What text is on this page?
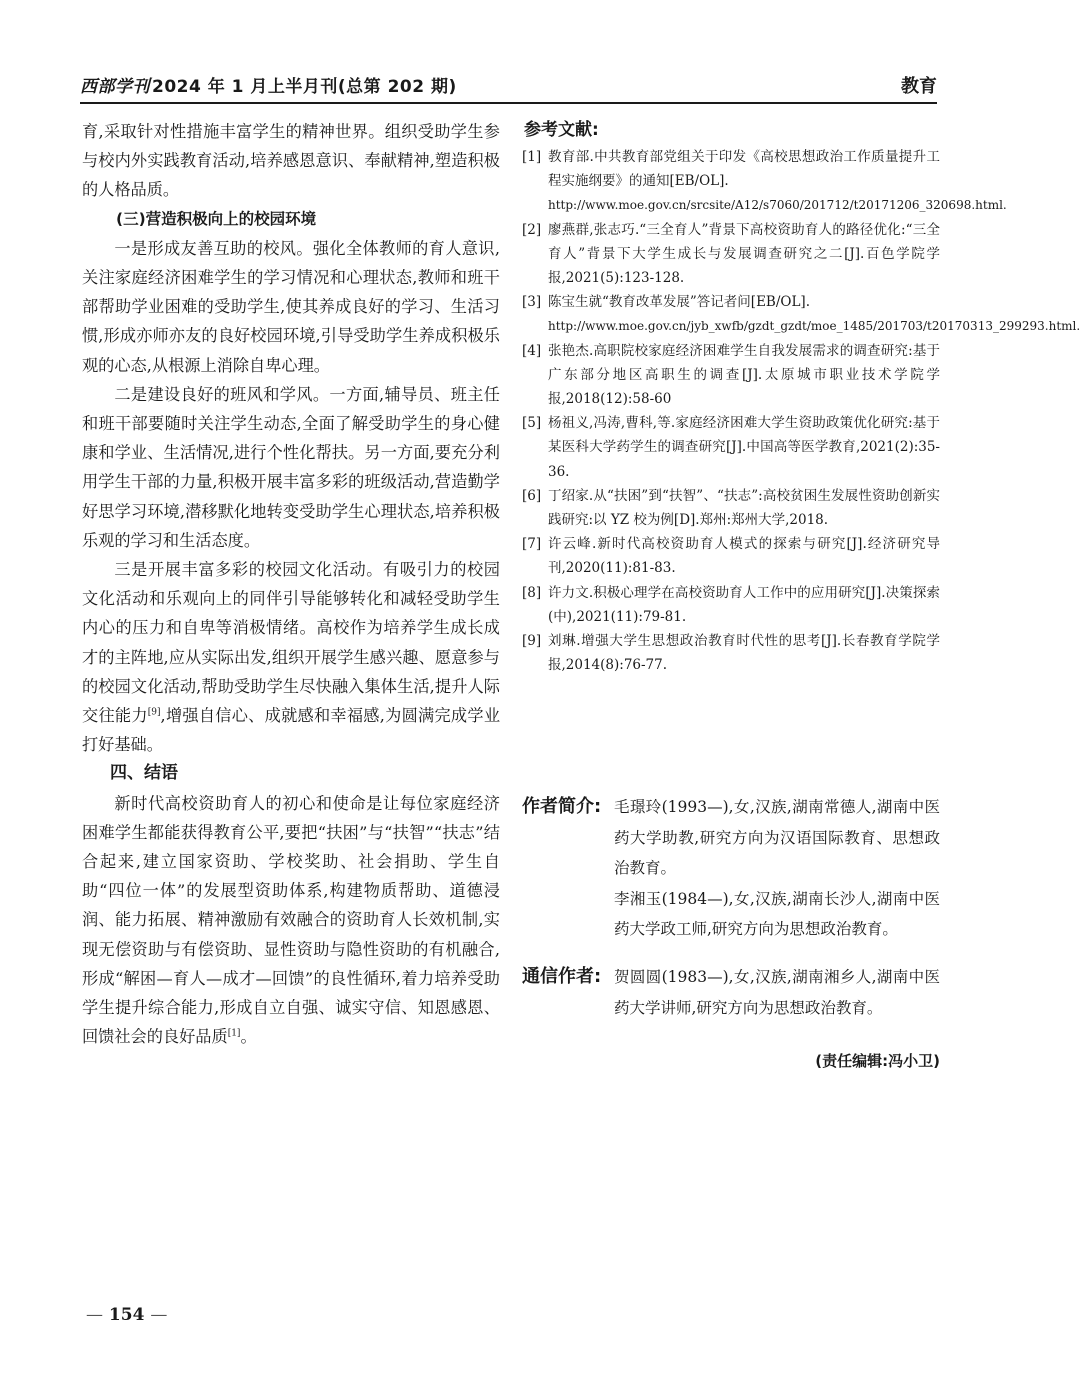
西部学刊 2024 年 1 月上半月刊(总第 202 期)	教育

育,采取针对性措施丰富学生的精神世界。组织受助学生参与校内外实践教育活动,培养感恩意识、奉献精神,塑造积极的人格品质。

(三)营造积极向上的校园环境

一是形成友善互助的校风。强化全体教师的育人意识,关注家庭经济困难学生的学习情况和心理状态,教师和班干部帮助学业困难的受助学生,使其养成良好的学习、生活习惯,形成亦师亦友的良好校园环境,引导受助学生养成积极乐观的心态,从根源上消除自卑心理。

二是建设良好的班风和学风。一方面,辅导员、班主任和班干部要随时关注学生动态,全面了解受助学生的身心健康和学业、生活情况,进行个性化帮扶。另一方面,要充分利用学生干部的力量,积极开展丰富多彩的班级活动,营造勤学好思学习环境,潜移默化地转变受助学生心理状态,培养积极乐观的学习和生活态度。

三是开展丰富多彩的校园文化活动。有吸引力的校园文化活动和乐观向上的同伴引导能够转化和减轻受助学生内心的压力和自卑等消极情绪。高校作为培养学生成长成才的主阵地,应从实际出发,组织开展学生感兴趣、愿意参与的校园文化活动,帮助受助学生尽快融入集体生活,提升人际交往能力[9],增强自信心、成就感和幸福感,为圆满完成学业打好基础。

四、结语

新时代高校资助育人的初心和使命是让每位家庭经济困难学生都能获得教育公平,要把“扶困”与“扶智”“扶志”结合起来,建立国家资助、学校奖助、社会捐助、学生自助“四位一体”的发展型资助体系,构建物质帮助、道德浸润、能力拓展、精神激励有效融合的资助育人长效机制,实现无偿资助与有偿资助、显性资助与隐性资助的有机融合,形成“解困—育人—成才—回馈”的良性循环,着力培养受助学生提升综合能力,形成自立自强、诚实守信、知恩感恩、回馈社会的良好品质[1]。

参考文献:

[1] 教育部.中共教育部党组关于印发《高校思想政治工作质量提升工程实施纲要》的通知[EB/OL].
http://www.moe.gov.cn/srcsite/A12/s7060/201712/t20171206_320698.html.
[2] 廖燕群,张志巧.“三全育人”背景下高校资助育人的路径优化:“三全育人”背景下大学生成长与发展调查研究之二[J].百色学院学报,2021(5):123-128.
[3] 陈宝生就“教育改革发展”答记者问[EB/OL].
http://www.moe.gov.cn/jyb_xwfb/gzdt_gzdt/moe_1485/201703/t20170313_299293.html.
[4] 张艳杰.高职院校家庭经济困难学生自我发展需求的调查研究:基于广东部分地区高职生的调查[J].太原城市职业技术学院学报,2018(12):58-60
[5] 杨祖义,冯涛,曹科,等.家庭经济困难大学生资助政策优化研究:基于某医科大学药学生的调查研究[J].中国高等医学教育,2021(2):35-36.
[6] 丁绍家.从“扶困”到“扶智”、“扶志”:高校贫困生发展性资助创新实践研究:以 YZ 校为例[D].郑州:郑州大学,2018.
[7] 许云峰.新时代高校资助育人模式的探索与研究[J].经济研究导刊,2020(11):81-83.
[8] 许力文.积极心理学在高校资助育人工作中的应用研究[J].决策探索(中),2021(11):79-81.
[9] 刘琳.增强大学生思想政治教育时代性的思考[J].长春教育学院学报,2014(8):76-77.
作者简介: 毛璟玲(1993—),女,汉族,湖南常德人,湖南中医药大学助教,研究方向为汉语国际教育、思想政治教育。

李湘玉(1984—),女,汉族,湖南长沙人,湖南中医药大学政工师,研究方向为思想政治教育。

通信作者: 贺圆圆(1983—),女,汉族,湖南湘乡人,湖南中医药大学讲师,研究方向为思想政治教育。

(责任编辑:冯小卫)
— 154 —
